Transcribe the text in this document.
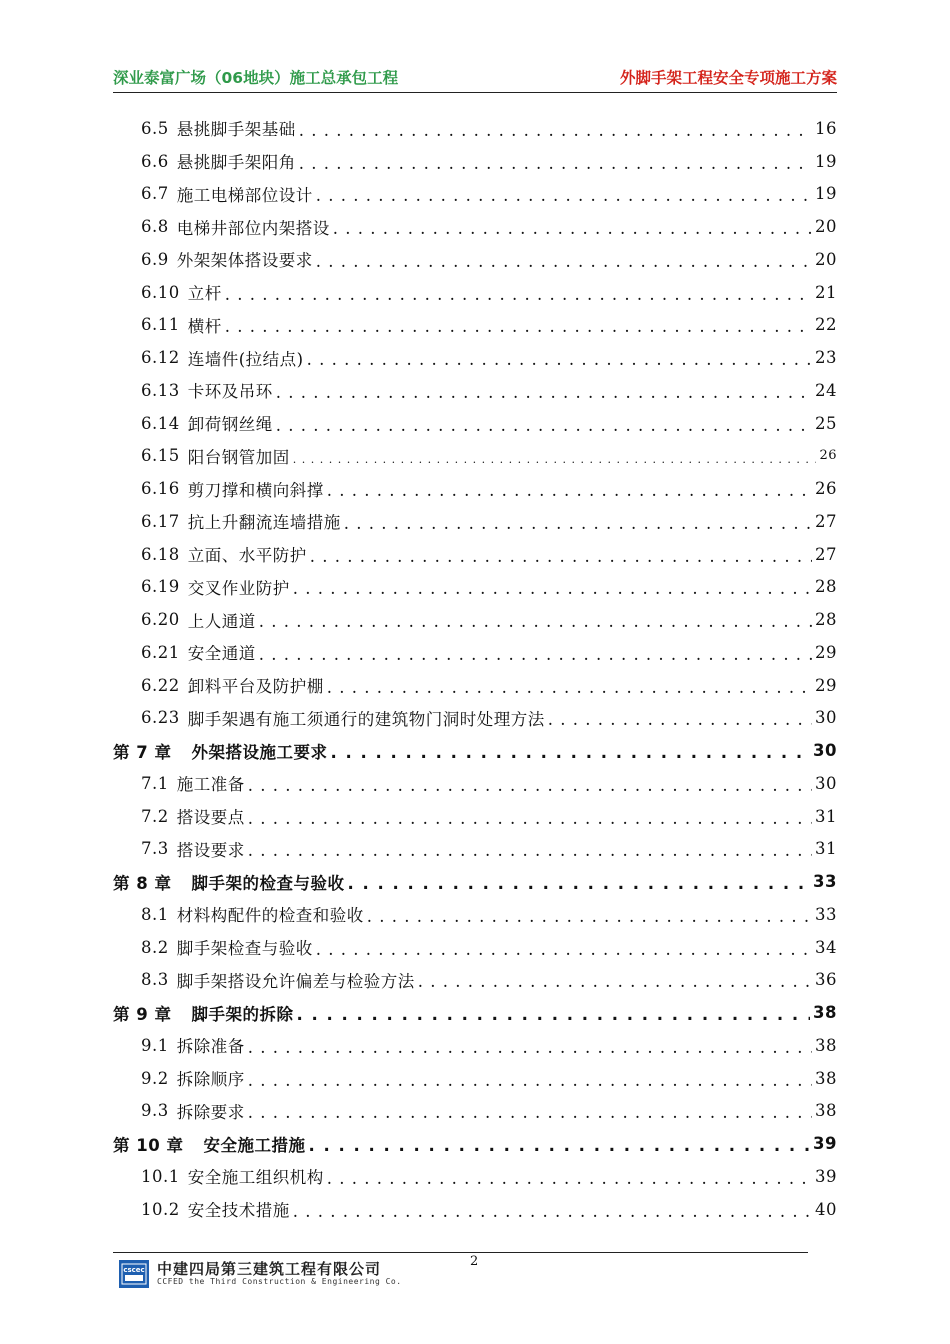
深业泰富广场（06地块）施工总承包工程	外脚手架工程安全专项施工方案
6.5 悬挑脚手架基础 . . .	16
6.6 悬挑脚手架阳角 . . .	19
6.7 施工电梯部位设计 . . .	19
6.8 电梯井部位内架搭设 . . .	20
6.9 外架架体搭设要求 . . .	20
6.10 立杆 . . .	21
6.11 横杆 . . .	22
6.12 连墙件(拉结点) . . .	23
6.13 卡环及吊环 . . .	24
6.14 卸荷钢丝绳 . . .	25
6.15 阳台钢管加固 . . .	26
6.16 剪刀撑和横向斜撑 . . .	26
6.17 抗上升翻流连墙措施 . . .	27
6.18 立面、水平防护 . . .	27
6.19 交叉作业防护 . . .	28
6.20 上人通道 . . .	28
6.21 安全通道 . . .	29
6.22 卸料平台及防护棚 . . .	29
6.23 脚手架遇有施工须通行的建筑物门洞时处理方法 . . .	30
第 7 章 外架搭设施工要求 . . .	30
7.1 施工准备 . . .	30
7.2 搭设要点 . . .	31
7.3 搭设要求 . . .	31
第 8 章 脚手架的检查与验收 . . .	33
8.1 材料构配件的检查和验收 . . .	33
8.2 脚手架检查与验收 . . .	34
8.3 脚手架搭设允许偏差与检验方法 . . .	36
第 9 章 脚手架的拆除 . . .	38
9.1 拆除准备 . . .	38
9.2 拆除顺序 . . .	38
9.3 拆除要求 . . .	38
第 10 章 安全施工措施 . . .	39
10.1 安全施工组织机构 . . .	39
10.2 安全技术措施 . . .	40
cscec 中建四局第三建筑工程有限公司
CCFED the Third Construction & Engineering Co.
2
